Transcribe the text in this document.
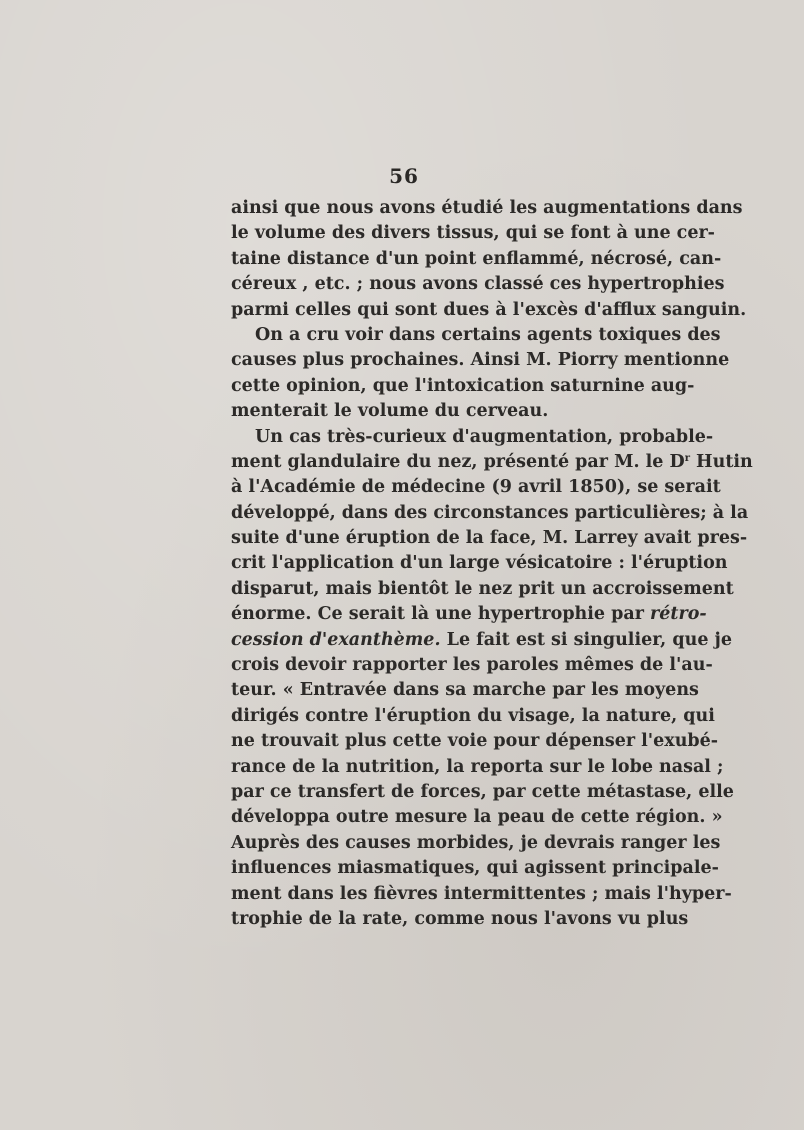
56
ainsi que nous avons étudié les augmentations dans
le volume des divers tissus, qui se font à une cer-
taine distance d'un point enflammé, nécrosé, can-
céreux , etc. ; nous avons classé ces hypertrophies
parmi celles qui sont dues à l'excès d'afflux sanguin.
On a cru voir dans certains agents toxiques des
causes plus prochaines. Ainsi M. Piorry mentionne
cette opinion, que l'intoxication saturnine aug-
menterait le volume du cerveau.
Un cas très-curieux d'augmentation, probable-
ment glandulaire du nez, présenté par M. le $D^r$ Hutin
à l'Académie de médecine (9 avril 1850), se serait
développé, dans des circonstances particulières; à la
suite d'une éruption de la face, M. Larrey avait pres-
crit l'application d'un large vésicatoire : l'éruption
disparut, mais bientôt le nez prit un accroissement
énorme. Ce serait là une hypertrophie par rétro-
cession d'exanthème. Le fait est si singulier, que je
crois devoir rapporter les paroles mêmes de l'au-
teur. « Entravée dans sa marche par les moyens
dirigés contre l'éruption du visage, la nature, qui
ne trouvait plus cette voie pour dépenser l'exubé-
rance de la nutrition, la reporta sur le lobe nasal ;
par ce transfert de forces, par cette métastase, elle
développa outre mesure la peau de cette région. »
Auprès des causes morbides, je devrais ranger les
influences miasmatiques, qui agissent principale-
ment dans les fièvres intermittentes ; mais l'hyper-
trophie de la rate, comme nous l'avons vu plus
